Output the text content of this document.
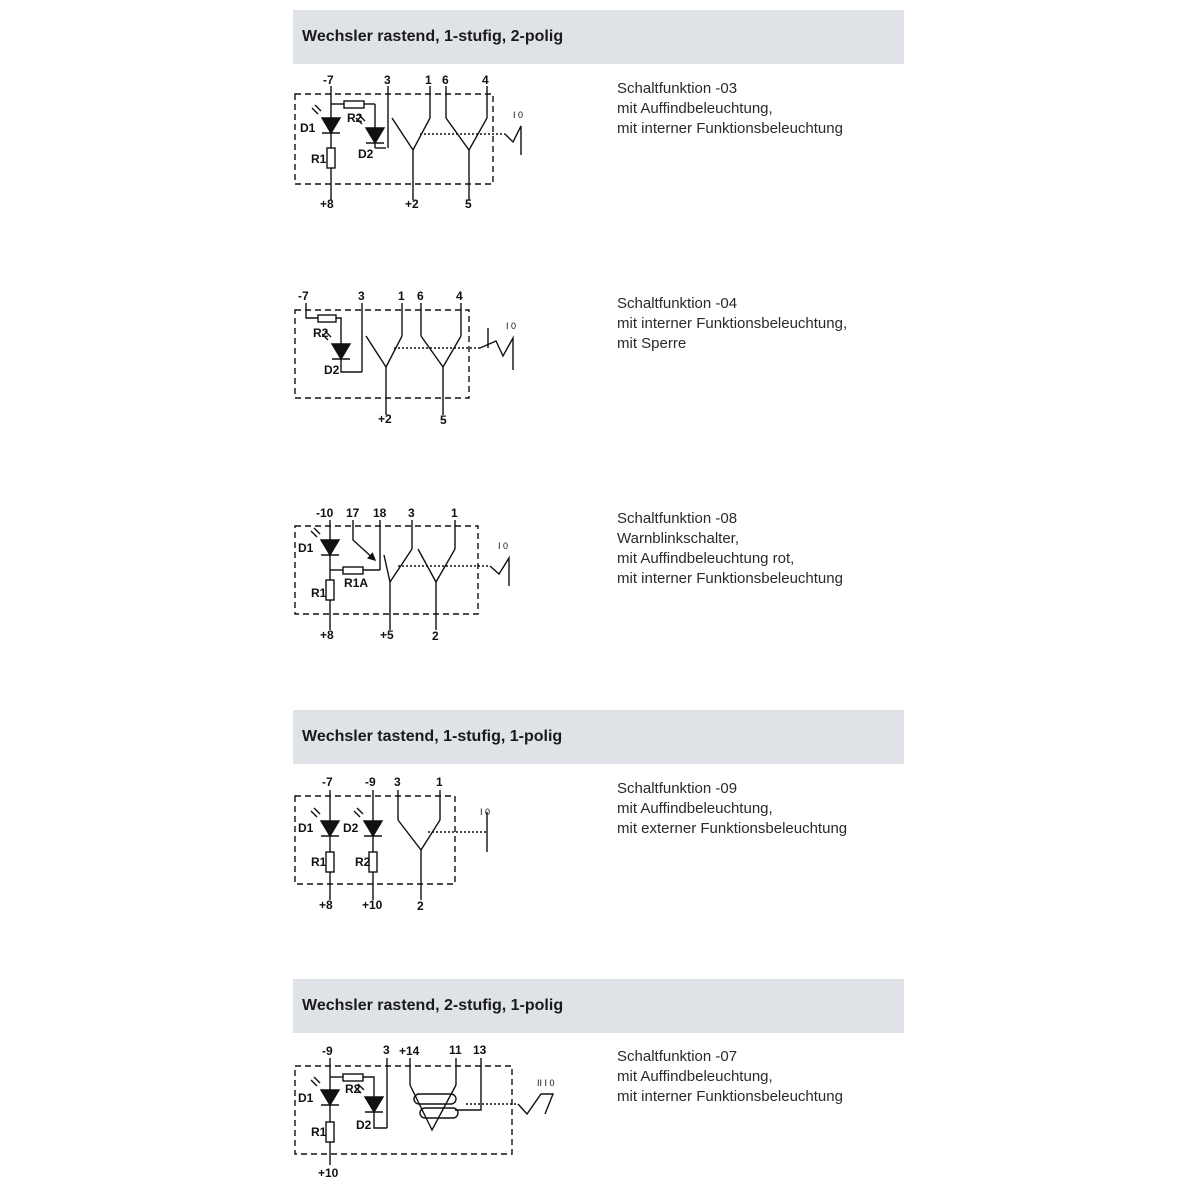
Wechsler rastend, 1-stufig, 2-polig
Wechsler tastend, 1-stufig, 1-polig
Wechsler rastend, 2-stufig, 1-polig
Schaltfunktion -03
mit Auffindbeleuchtung,
mit interner Funktionsbeleuchtung
Schaltfunktion -04
mit interner Funktionsbeleuchtung,
mit Sperre
Schaltfunktion -08
Warnblinkschalter,
mit Auffindbeleuchtung rot,
mit interner Funktionsbeleuchtung
Schaltfunktion -09
mit Auffindbeleuchtung,
mit externer Funktionsbeleuchtung
Schaltfunktion -07
mit Auffindbeleuchtung,
mit interner Funktionsbeleuchtung
-7	3	1 6	4
+8	+2	5
D1
R2
D2
R1
I 0
-7	3	1 6	4
+2	5
R2
D2
I 0
-10 17 18 3	1
+8	+5	2
D1
R1A
R1
I 0
-7	-9 3	1
+8 +10	2
D1 D2
R1 R2
I 0
-9	3 +14 11 13
+10
D1
R2
D2
R1
II I 0
